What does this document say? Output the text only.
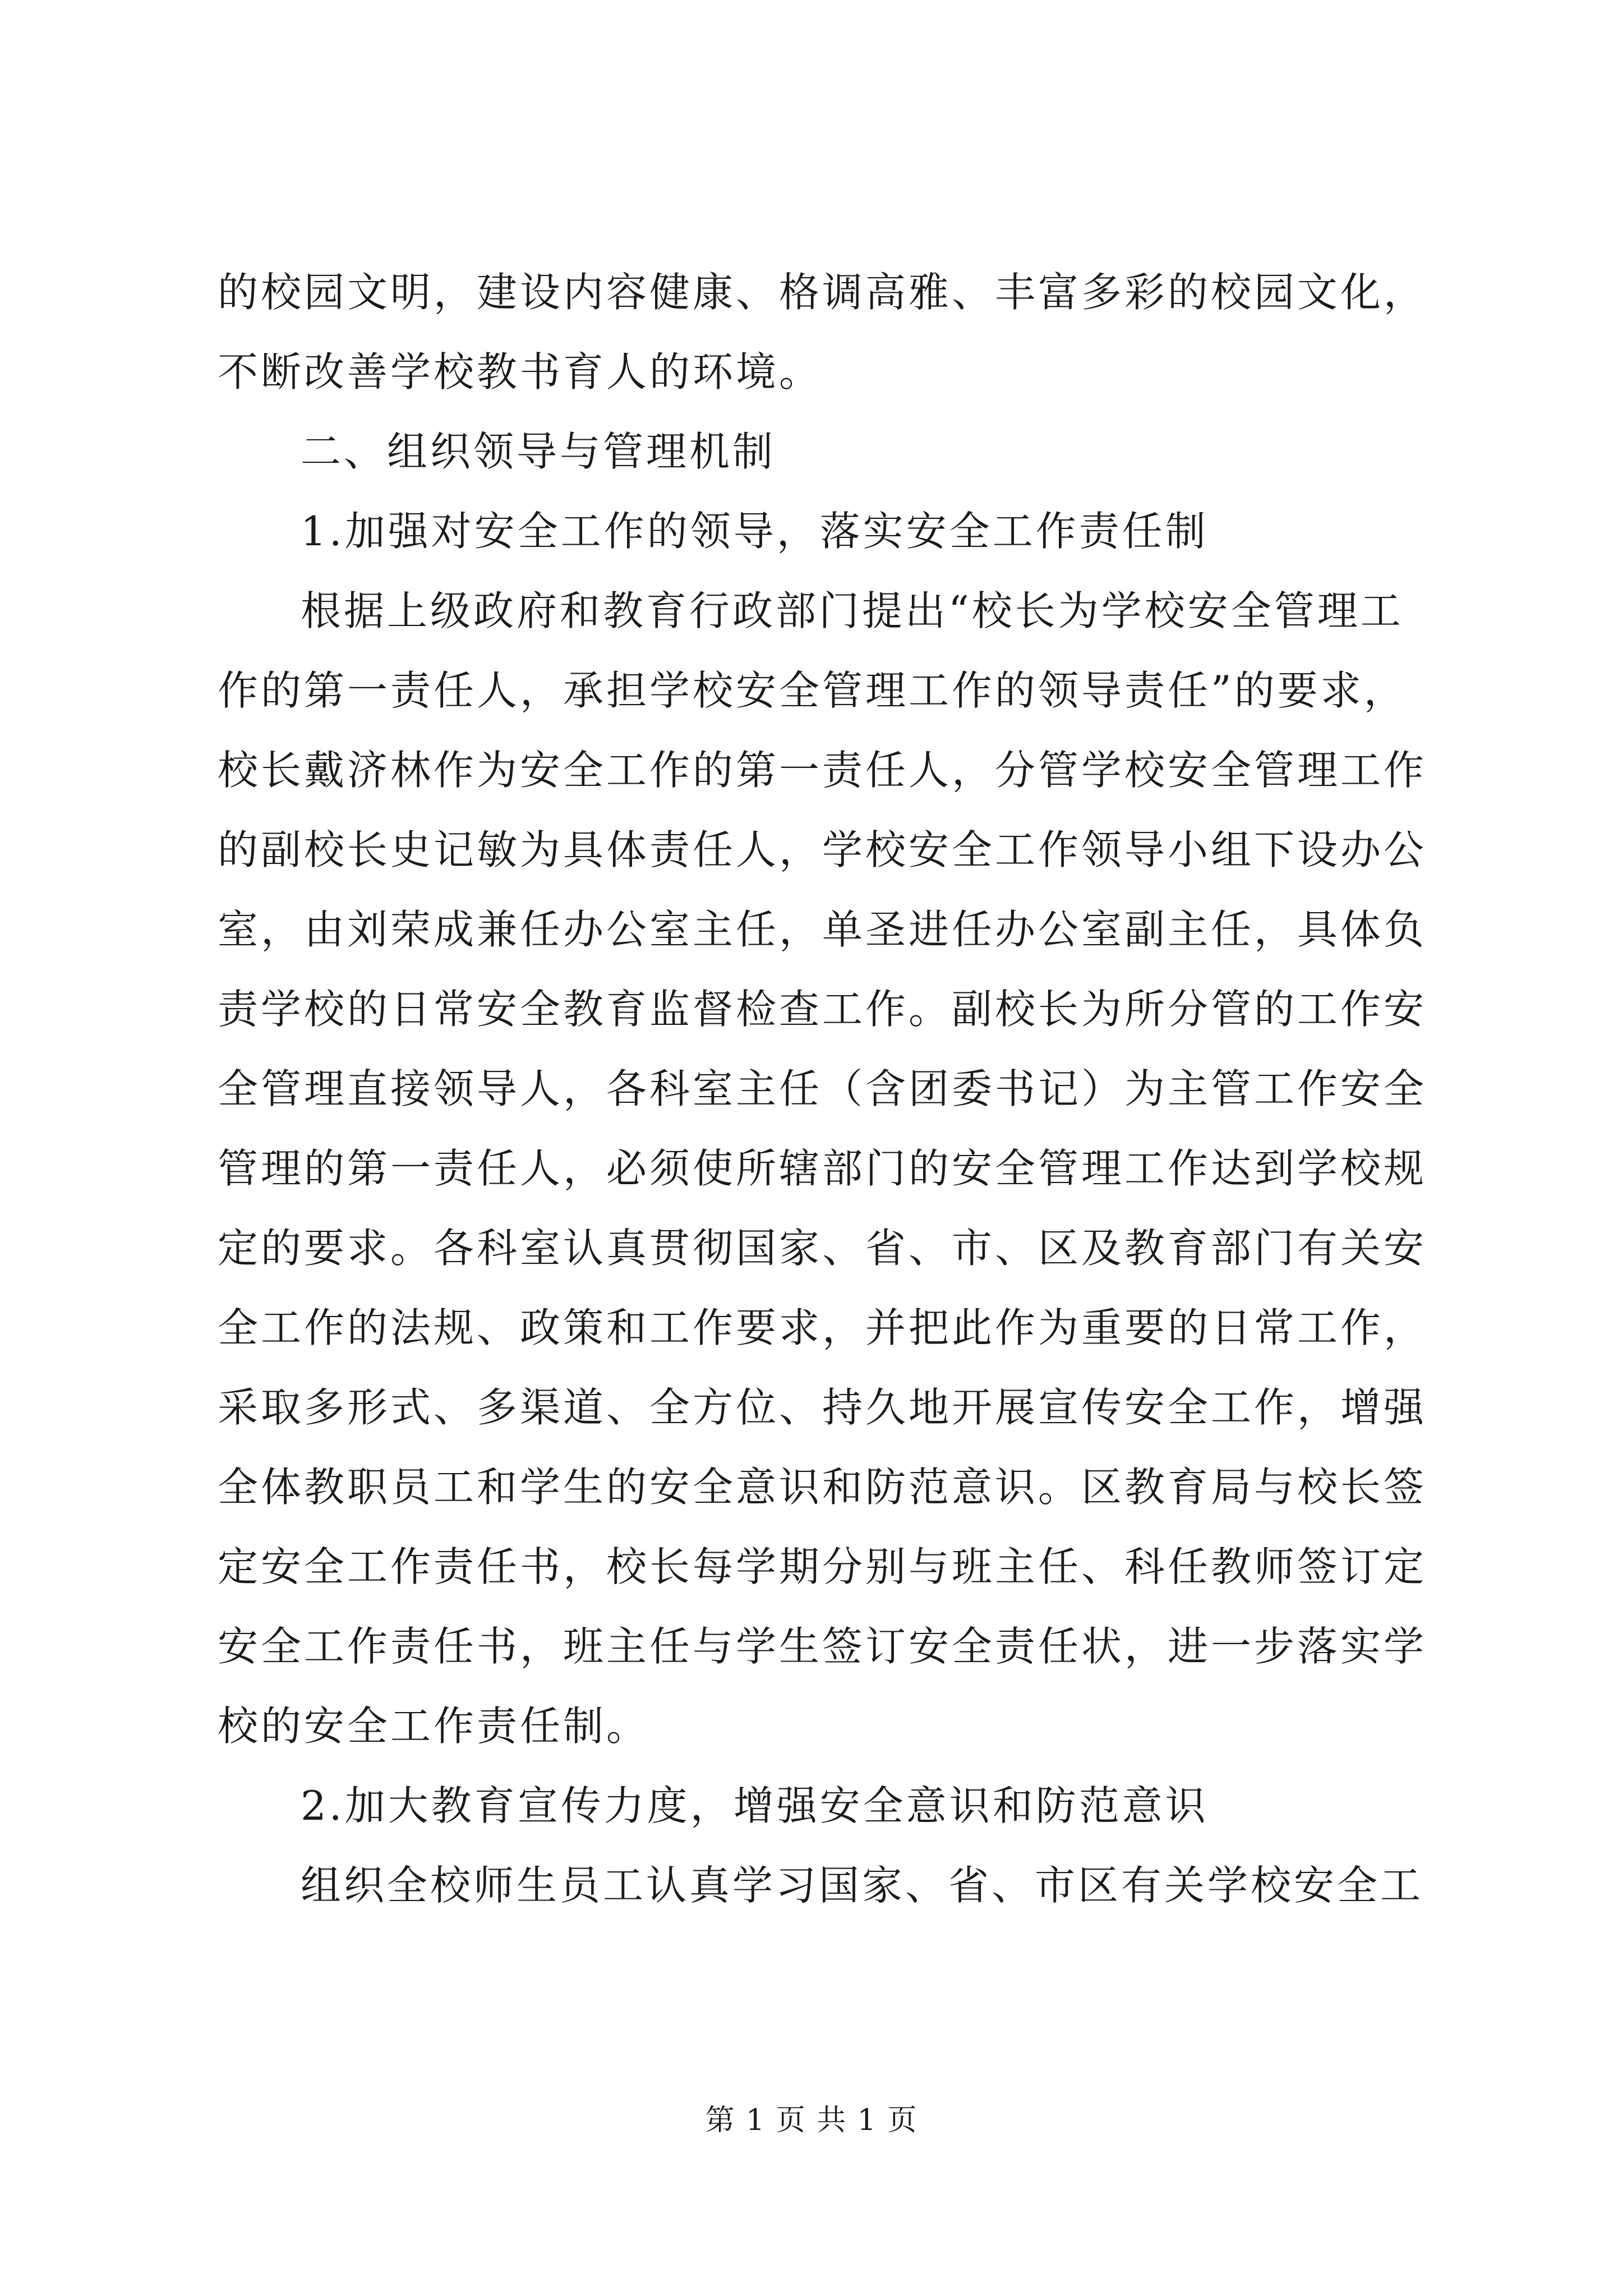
的校园文明，建设内容健康、格调高雅、丰富多彩的校园文化，
不断改善学校教书育人的环境。
二、组织领导与管理机制
1.加强对安全工作的领导，落实安全工作责任制
根据上级政府和教育行政部门提出“校长为学校安全管理工
作的第一责任人，承担学校安全管理工作的领导责任”的要求，
校长戴济林作为安全工作的第一责任人，分管学校安全管理工作
的副校长史记敏为具体责任人，学校安全工作领导小组下设办公
室，由刘荣成兼任办公室主任，单圣进任办公室副主任，具体负
责学校的日常安全教育监督检查工作。副校长为所分管的工作安
全管理直接领导人，各科室主任（含团委书记）为主管工作安全
管理的第一责任人，必须使所辖部门的安全管理工作达到学校规
定的要求。各科室认真贯彻国家、省、市、区及教育部门有关安
全工作的法规、政策和工作要求，并把此作为重要的日常工作，
采取多形式、多渠道、全方位、持久地开展宣传安全工作，增强
全体教职员工和学生的安全意识和防范意识。区教育局与校长签
定安全工作责任书，校长每学期分别与班主任、科任教师签订定
安全工作责任书，班主任与学生签订安全责任状，进一步落实学
校的安全工作责任制。
2.加大教育宣传力度，增强安全意识和防范意识
组织全校师生员工认真学习国家、省、市区有关学校安全工
第 1 页 共 1 页
